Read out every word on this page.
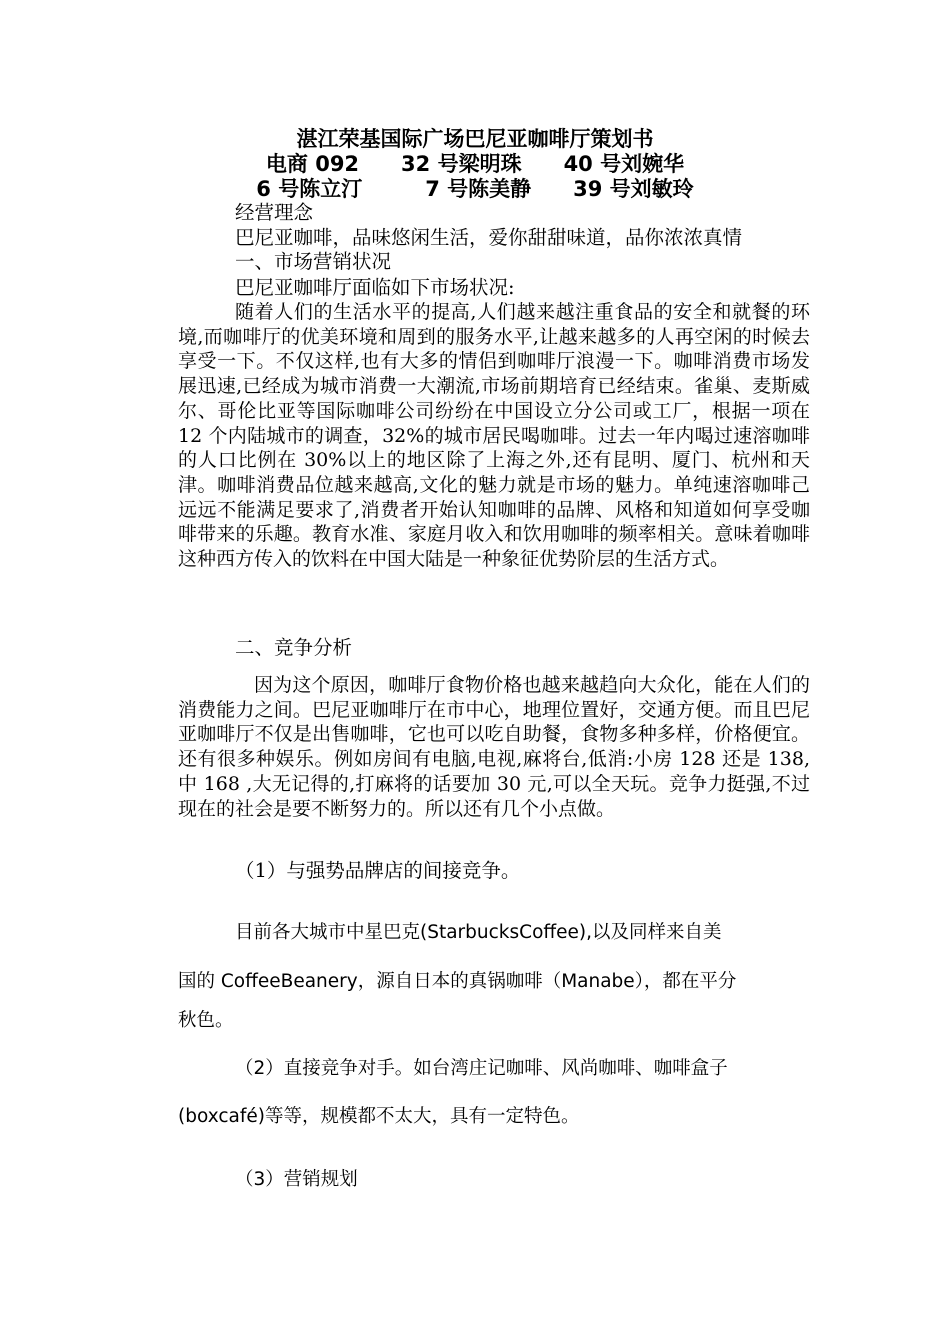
湛江荣基国际广场巴尼亚咖啡厅策划书
电商 092　　32 号梁明珠　　40 号刘婉华
6 号陈立汀　　　7 号陈美静　　39 号刘敏玲
经营理念
巴尼亚咖啡，品味悠闲生活，爱你甜甜味道，品你浓浓真情
一、市场营销状况
巴尼亚咖啡厅面临如下市场状况:

随着人们的生活水平的提高,人们越来越注重食品的安全和就餐的环境,而咖啡厅的优美环境和周到的服务水平,让越来越多的人再空闲的时候去享受一下。不仅这样,也有大多的情侣到咖啡厅浪漫一下。咖啡消费市场发展迅速,已经成为城市消费一大潮流,市场前期培育已经结束。雀巢、麦斯威尔、哥伦比亚等国际咖啡公司纷纷在中国设立分公司或工厂，根据一项在 12 个内陆城市的调查，32%的城市居民喝咖啡。过去一年内喝过速溶咖啡的人口比例在 30%以上的地区除了上海之外,还有昆明、厦门、杭州和天津。咖啡消费品位越来越高,文化的魅力就是市场的魅力。单纯速溶咖啡己远远不能满足要求了,消费者开始认知咖啡的品牌、风格和知道如何享受咖啡带来的乐趣。教育水准、家庭月收入和饮用咖啡的频率相关。意味着咖啡这种西方传入的饮料在中国大陆是一种象征优势阶层的生活方式。

二、竞争分析

因为这个原因，咖啡厅食物价格也越来越趋向大众化，能在人们的消费能力之间。巴尼亚咖啡厅在市中心，地理位置好，交通方便。而且巴尼亚咖啡厅不仅是出售咖啡，它也可以吃自助餐，食物多种多样，价格便宜。还有很多种娱乐。例如房间有电脑,电视,麻将台,低消:小房 128 还是 138,中 168 ,大无记得的,打麻将的话要加 30 元,可以全天玩。竞争力挺强,不过现在的社会是要不断努力的。所以还有几个小点做。

（1）与强势品牌店的间接竞争。
目前各大城市中星巴克(StarbucksCoffee),以及同样来自美
国的 CoffeeBeanery，源自日本的真锅咖啡（Manabe），都在平分
秋色。
（2）直接竞争对手。如台湾庄记咖啡、风尚咖啡、咖啡盒子
(boxcafé)等等，规模都不太大，具有一定特色。
（3）营销规划
